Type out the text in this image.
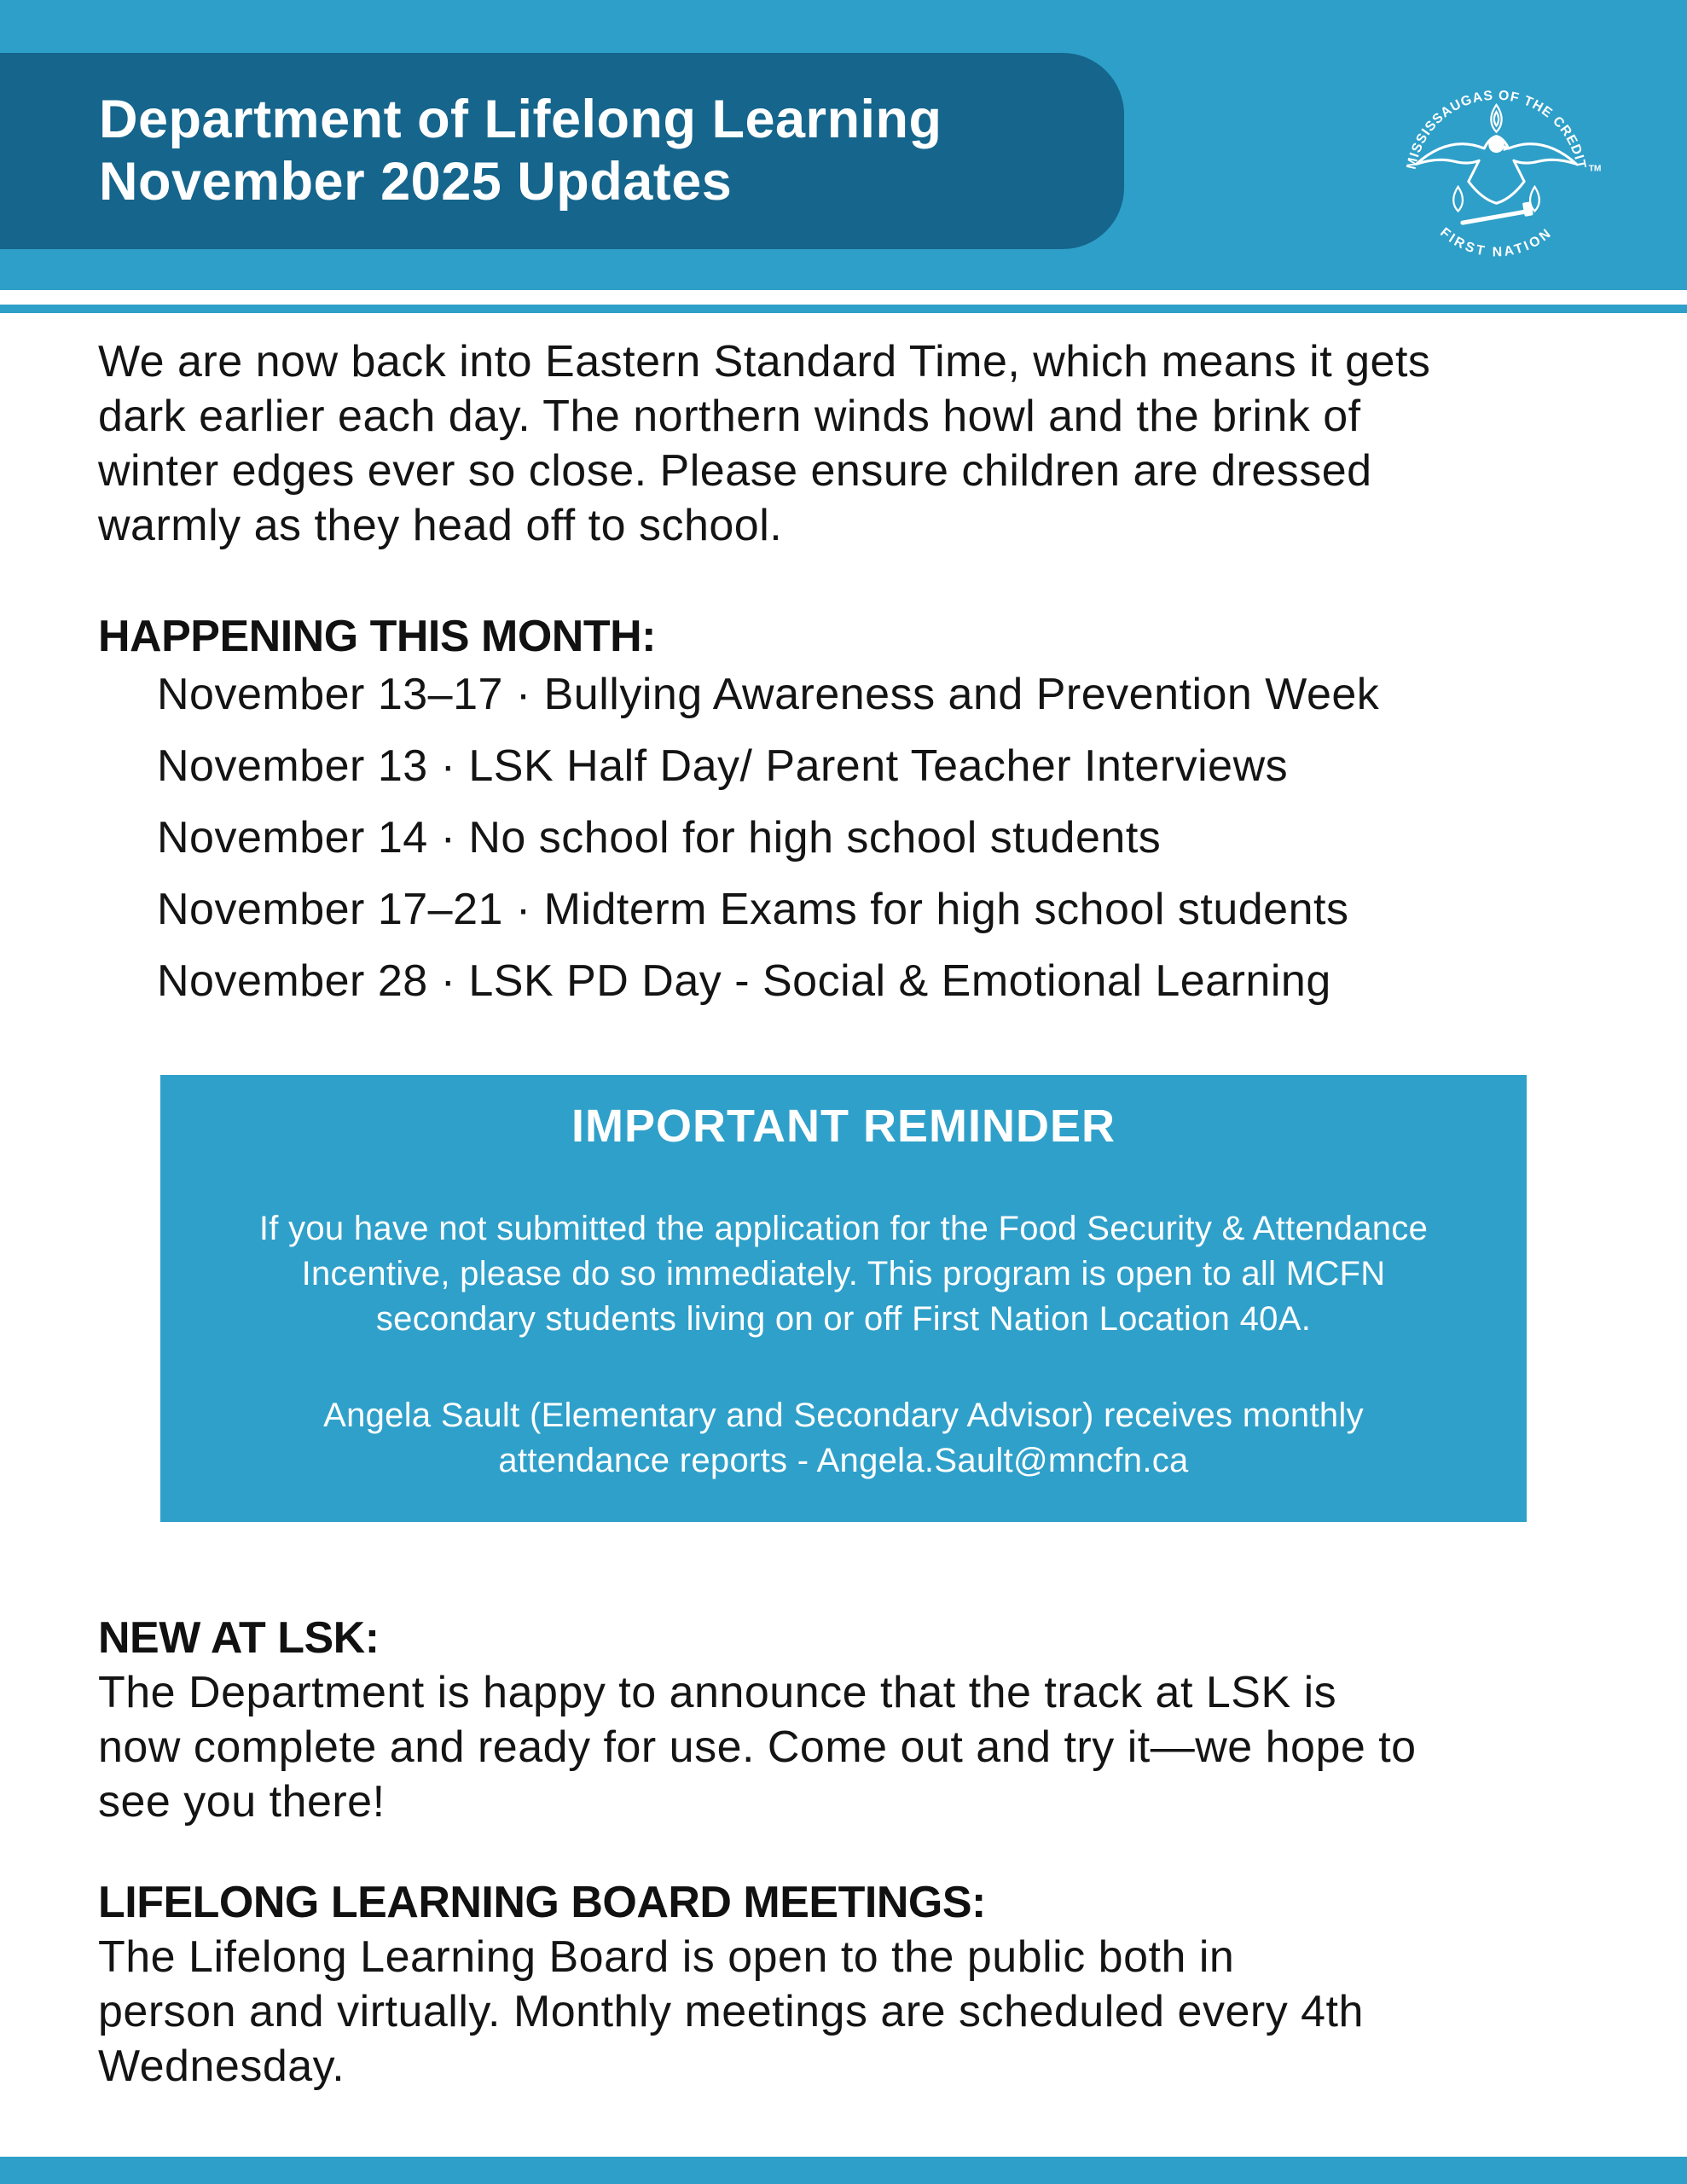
Department of Lifelong Learning
November 2025 Updates	MISSISSAUGAS OF THE CREDIT
FIRST NATION
TM
We are now back into Eastern Standard Time, which means it gets
dark earlier each day. The northern winds howl and the brink of
winter edges ever so close. Please ensure children are dressed
warmly as they head off to school.
HAPPENING THIS MONTH:
November 13–17 · Bullying Awareness and Prevention Week
November 13 · LSK Half Day/ Parent Teacher Interviews
November 14 · No school for high school students
November 17–21 · Midterm Exams for high school students
November 28 · LSK PD Day - Social & Emotional Learning
IMPORTANT REMINDER
If you have not submitted the application for the Food Security & Attendance
Incentive, please do so immediately. This program is open to all MCFN
secondary students living on or off First Nation Location 40A.
Angela Sault (Elementary and Secondary Advisor) receives monthly
attendance reports - Angela.Sault@mncfn.ca
Applications must be completed each year when this program is available.
NEW AT LSK:
The Department is happy to announce that the track at LSK is
now complete and ready for use. Come out and try it—we hope to
see you there!
LIFELONG LEARNING BOARD MEETINGS:
The Lifelong Learning Board is open to the public both in
person and virtually. Monthly meetings are scheduled every 4th
Wednesday.
